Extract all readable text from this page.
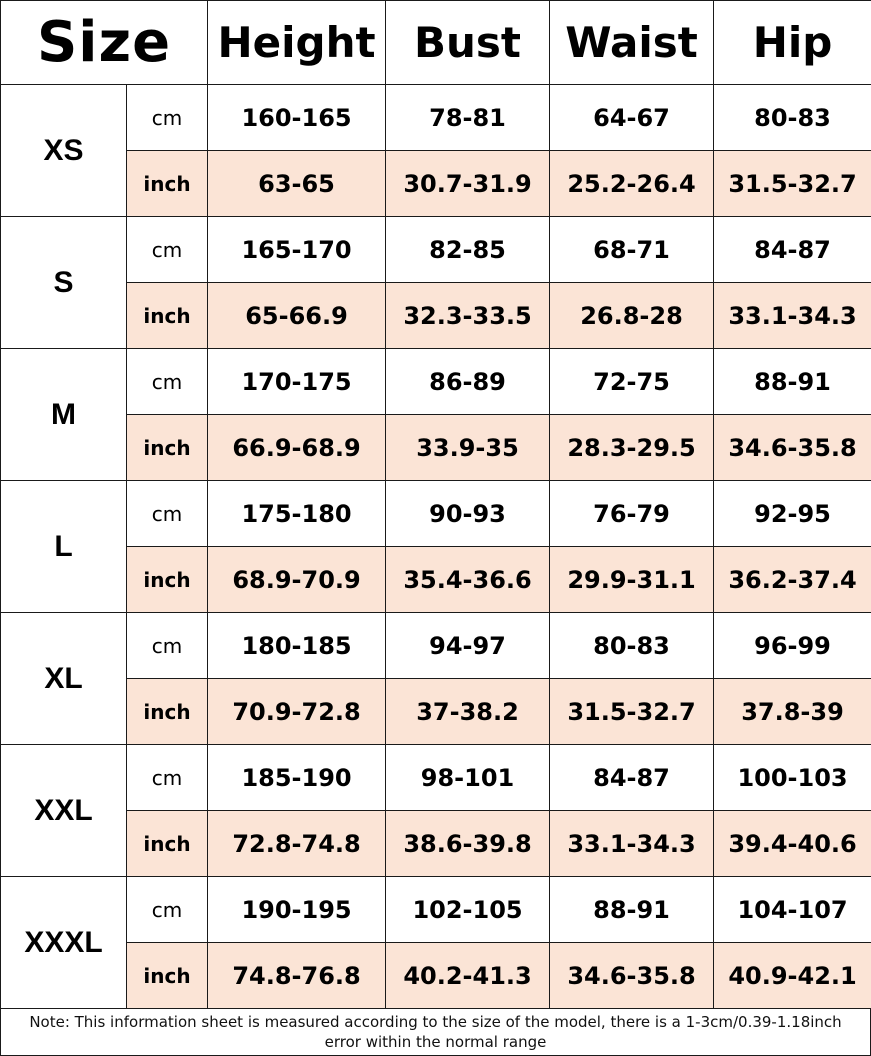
Size		Height	Bust	Waist	Hip
XS	cm	160-165	78-81	64-67	80-83
	inch	63-65	30.7-31.9	25.2-26.4	31.5-32.7
S	cm	165-170	82-85	68-71	84-87
	inch	65-66.9	32.3-33.5	26.8-28	33.1-34.3
M	cm	170-175	86-89	72-75	88-91
	inch	66.9-68.9	33.9-35	28.3-29.5	34.6-35.8
L	cm	175-180	90-93	76-79	92-95
	inch	68.9-70.9	35.4-36.6	29.9-31.1	36.2-37.4
XL	cm	180-185	94-97	80-83	96-99
	inch	70.9-72.8	37-38.2	31.5-32.7	37.8-39
XXL	cm	185-190	98-101	84-87	100-103
	inch	72.8-74.8	38.6-39.8	33.1-34.3	39.4-40.6
XXXL	cm	190-195	102-105	88-91	104-107
	inch	74.8-76.8	40.2-41.3	34.6-35.8	40.9-42.1
Note: This information sheet is measured according to the size of the model, there is a 1-3cm/0.39-1.18inch error within the normal range
